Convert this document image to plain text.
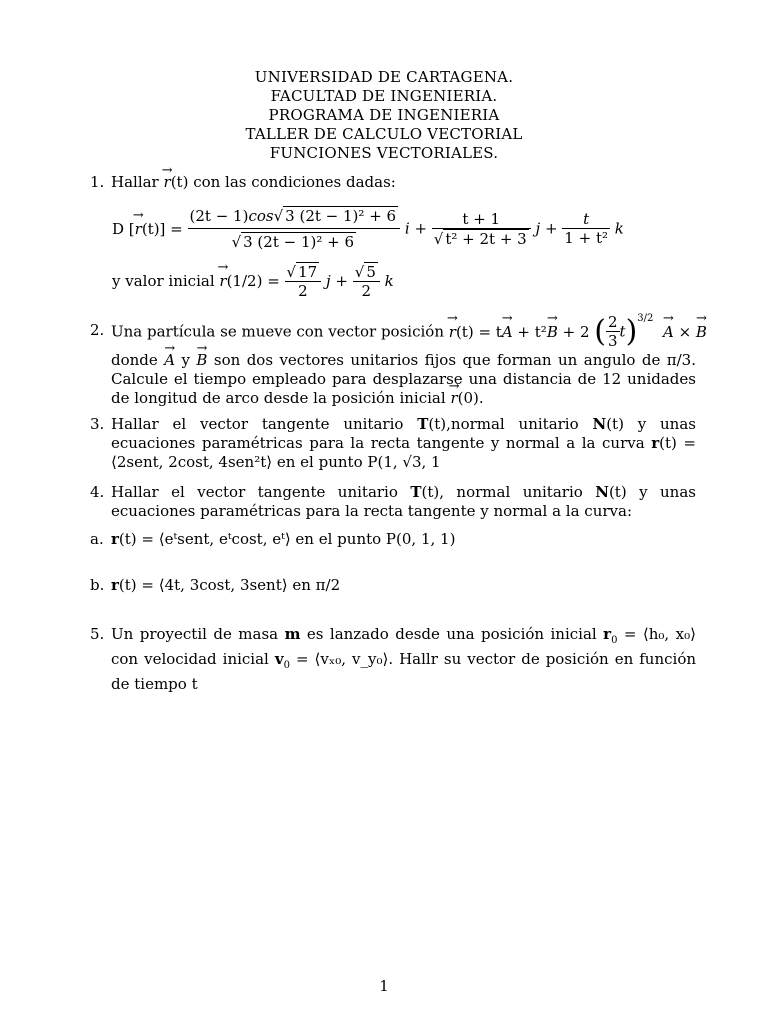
UNIVERSIDAD DE CARTAGENA.
FACULTAD DE INGENIERIA.
PROGRAMA DE INGENIERIA
TALLER DE CALCULO VECTORIAL
FUNCIONES VECTORIALES.
1. Hallar → r(t) con las condiciones dadas:
D [→ $r(t)] = \frac{\text{(2t − 1)cos√ 3 (2t − 1)² + 6}}{\text{√ 3 (2t − 1)² + 6}}$ $i + \frac{t + 1}{\text{√ t² + 2t + 3}}$ $j + \frac{t}{\text{1 + t²}}$ k
y valor inicial → $r(1/2) = \frac{√ 17}{2}$ $j + \frac{√ 5}{2}$ k
2. Una partícula se mueve con vector posición → r(t) = t→ A + t²→ B + 2 ( $\frac{2}{3} t)^{3/2} \to A$ × → B
donde → A y → B son dos vectores unitarios fijos que forman un angulo de π/3. Calcule el tiempo empleado para desplazarse una distancia de 12 unidades de longitud de arco desde la posición inicial → r(0).
3. Hallar el vector tangente unitario T(t),normal unitario N(t) y unas ecuaciones paramétricas para la recta tangente y normal a la curva r(t) = ⟨2sent, 2cost, 4sen²t⟩ en el punto P(1, √3, 1
4. Hallar el vector tangente unitario T(t), normal unitario N(t) y unas ecuaciones paramétricas para la recta tangente y normal a la curva:
a. r(t) = ⟨eᵗsent, eᵗcost, eᵗ⟩ en el punto P(0, 1, 1)
b. r(t) = ⟨4t, 3cost, 3sent⟩ en π/2
5. Un proyectil de masa m es lanzado desde una posición inicial $r_0$ = ⟨h₀, x₀⟩ con velocidad inicial $v_0$ = ⟨vₓ₀, v_y₀⟩. Hallr su vector de posición en función de tiempo t
1
